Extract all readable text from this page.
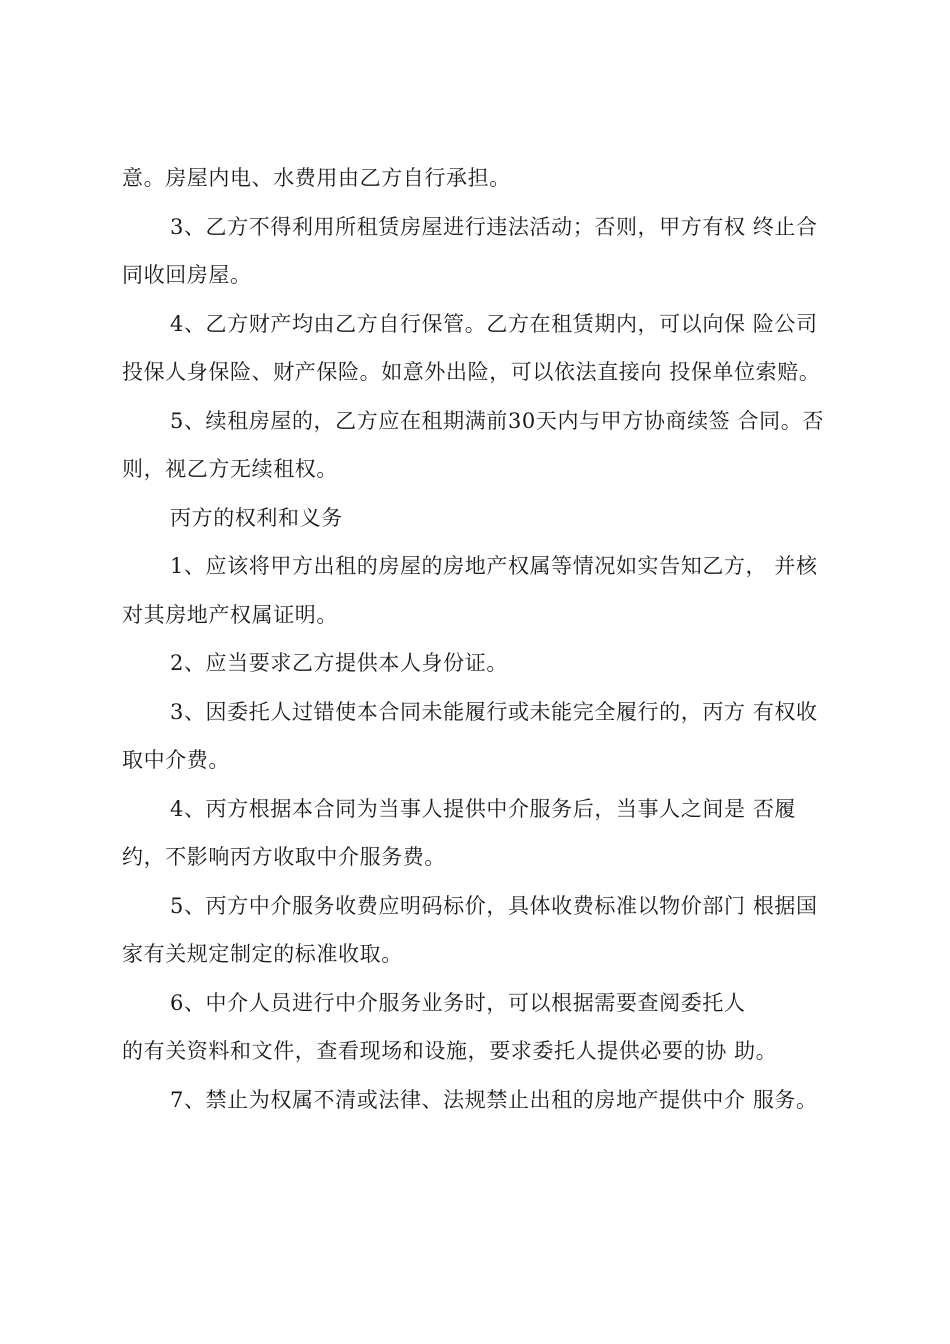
意。房屋内电、水费用由乙方自行承担。
3、乙方不得利用所租赁房屋进行违法活动；否则，甲方有权 终止合
同收回房屋。
4、乙方财产均由乙方自行保管。乙方在租赁期内，可以向保 险公司
投保人身保险、财产保险。如意外出险，可以依法直接向 投保单位索赔。
5、续租房屋的，乙方应在租期满前30天内与甲方协商续签 合同。否
则，视乙方无续租权。
丙方的权利和义务
1、应该将甲方出租的房屋的房地产权属等情况如实告知乙方， 并核
对其房地产权属证明。
2、应当要求乙方提供本人身份证。
3、因委托人过错使本合同未能履行或未能完全履行的，丙方 有权收
取中介费。
4、丙方根据本合同为当事人提供中介服务后，当事人之间是 否履
约，不影响丙方收取中介服务费。
5、丙方中介服务收费应明码标价，具体收费标准以物价部门 根据国
家有关规定制定的标准收取。
6、中介人员进行中介服务业务时，可以根据需要查阅委托人
的有关资料和文件，查看现场和设施，要求委托人提供必要的协 助。
7、禁止为权属不清或法律、法规禁止出租的房地产提供中介 服务。
